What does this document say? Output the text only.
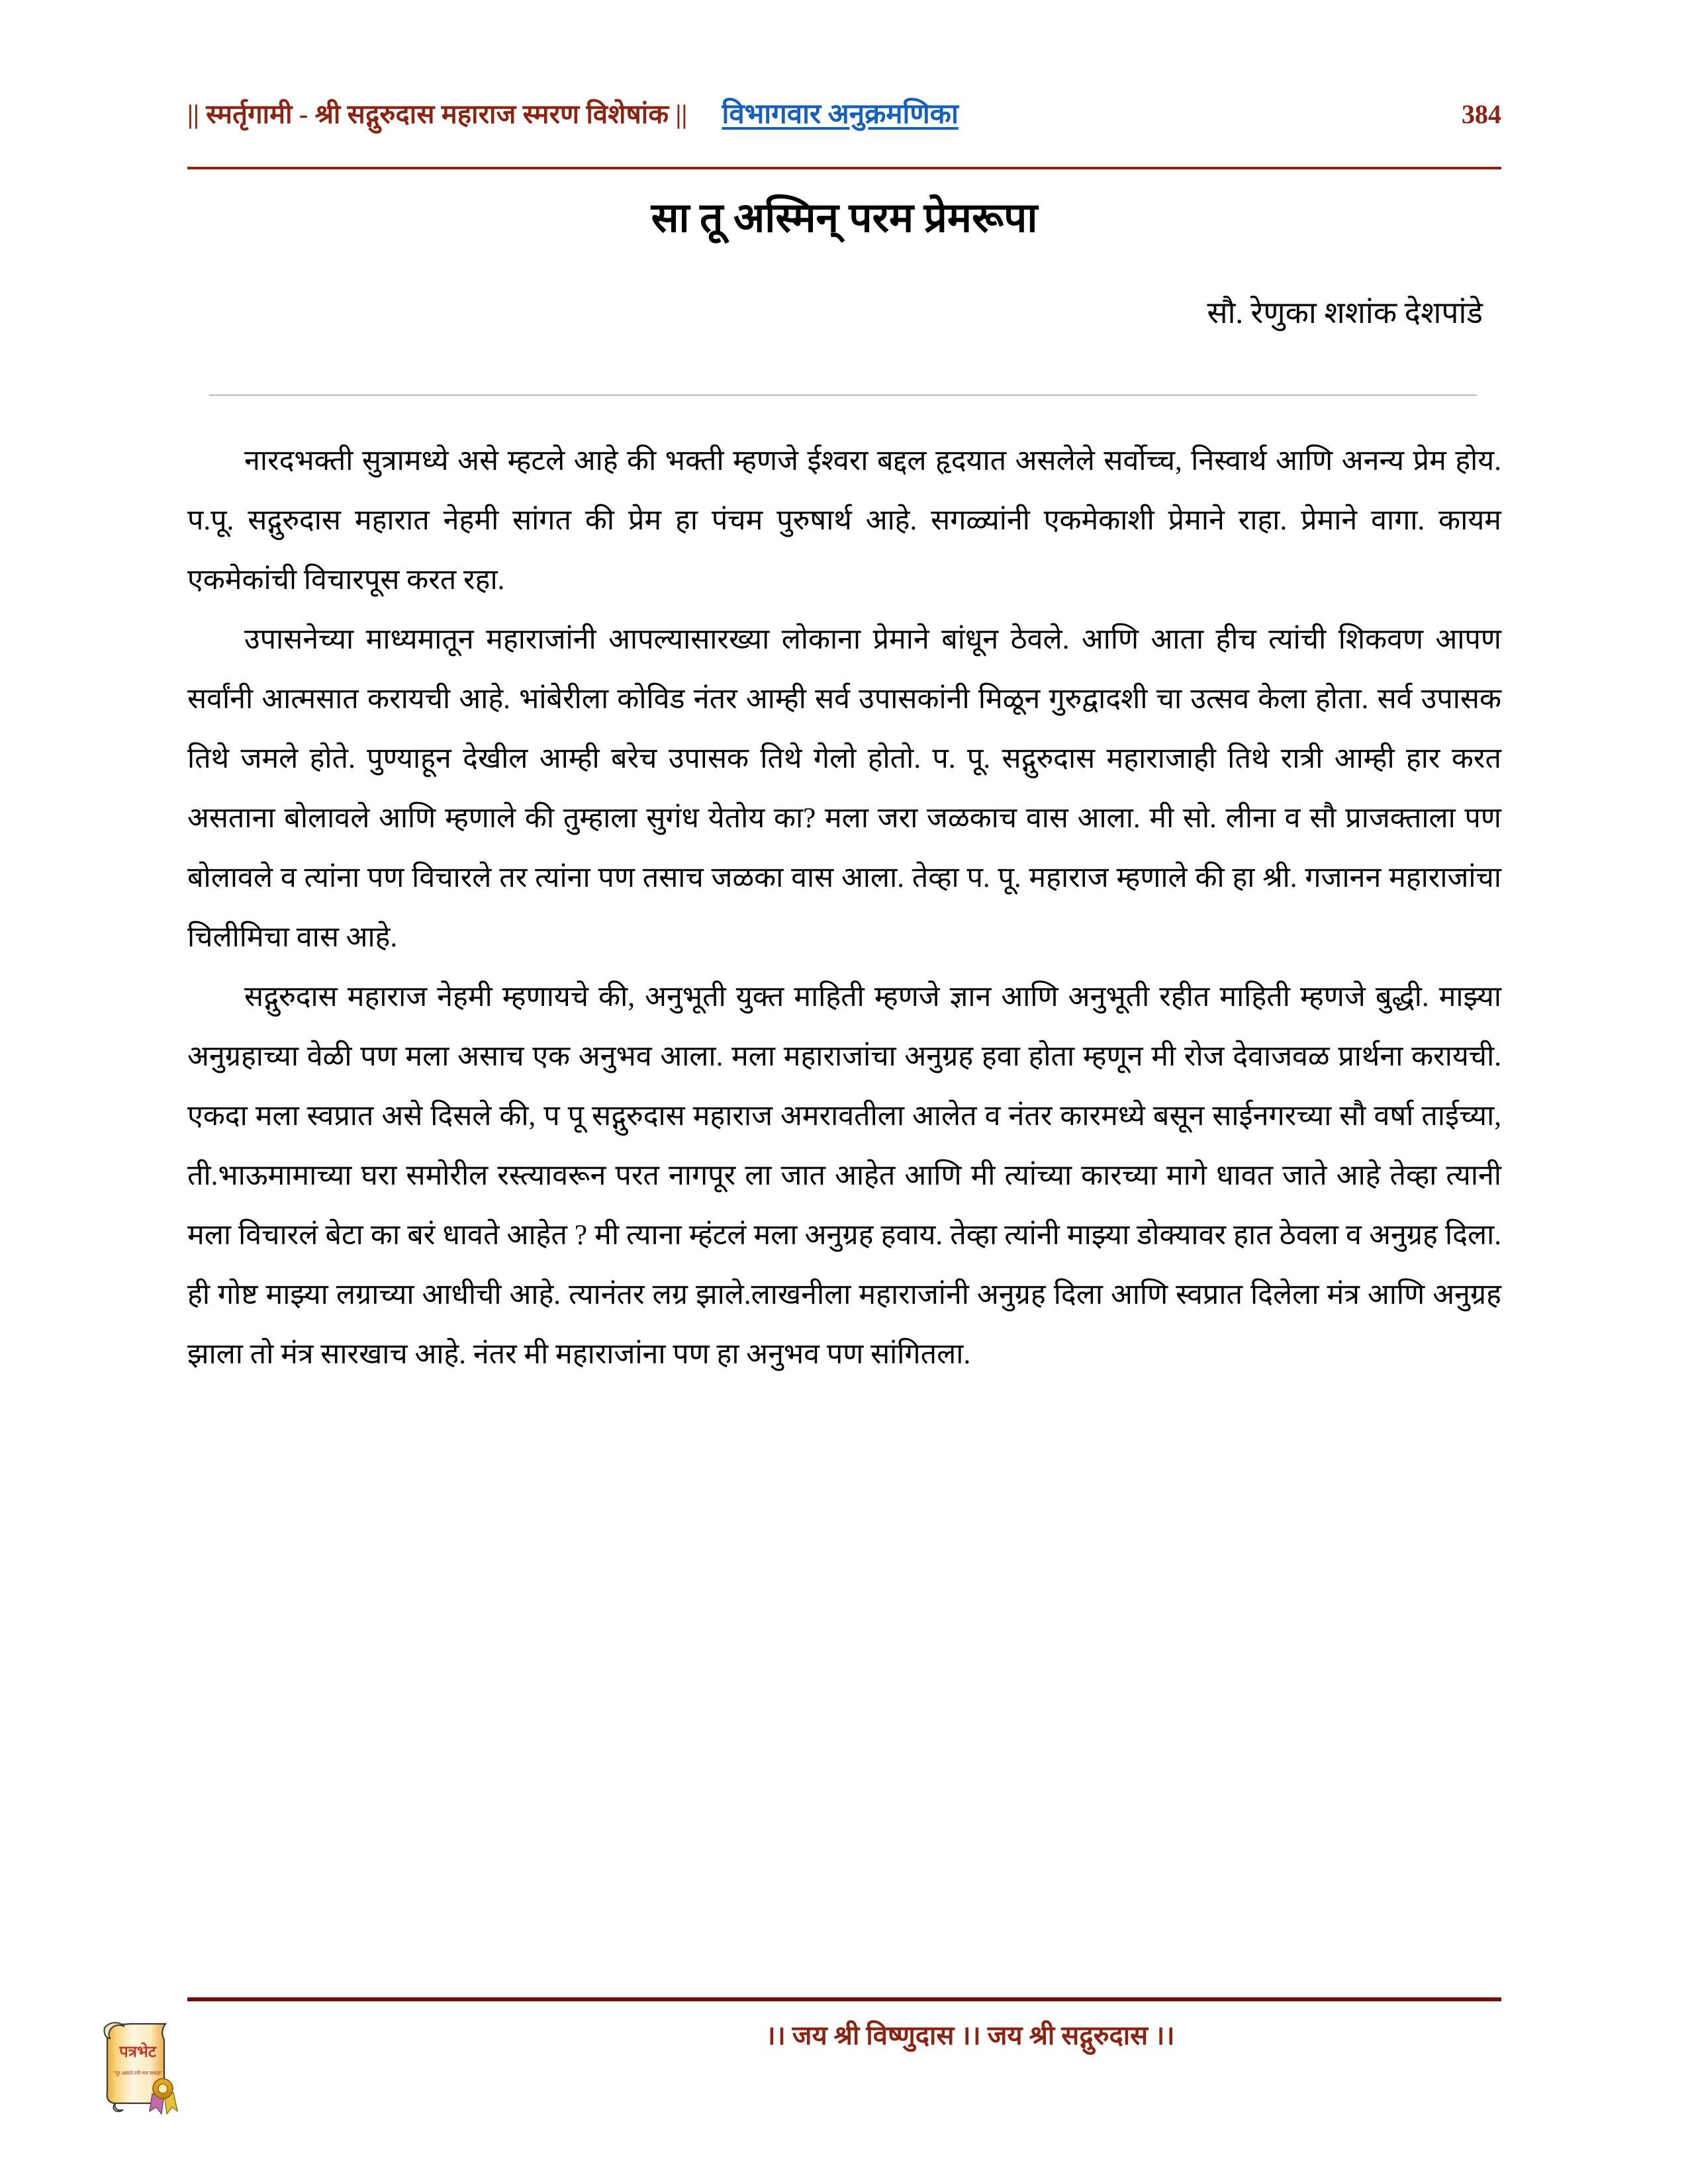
|| स्मर्तृगामी - श्री सद्गुरुदास महाराज स्मरण विशेषांक || विभागवार अनुक्रमणिका	384
सा तू अस्मिन् परम प्रेमरूपा
सौ. रेणुका शशांक देशपांडे

नारदभक्ती सुत्रामध्ये असे म्हटले आहे की भक्ती म्हणजे ईश्वरा बद्दल हृदयात असलेले सर्वोच्च, निस्वार्थ आणि अनन्य प्रेम होय. प.पू. सद्गुरुदास महारात नेहमी सांगत की प्रेम हा पंचम पुरुषार्थ आहे. सगळ्यांनी एकमेकाशी प्रेमाने राहा. प्रेमाने वागा. कायम एकमेकांची विचारपूस करत रहा.

उपासनेच्या माध्यमातून महाराजांनी आपल्यासारख्या लोकाना प्रेमाने बांधून ठेवले. आणि आता हीच त्यांची शिकवण आपण सर्वांनी आत्मसात करायची आहे. भांबेरीला कोविड नंतर आम्ही सर्व उपासकांनी मिळून गुरुद्वादशी चा उत्सव केला होता. सर्व उपासक तिथे जमले होते. पुण्याहून देखील आम्ही बरेच उपासक तिथे गेलो होतो. प. पू. सद्गुरुदास महाराजाही तिथे रात्री आम्ही हार करत असताना बोलावले आणि म्हणाले की तुम्हाला सुगंध येतोय का? मला जरा जळकाच वास आला. मी सो. लीना व सौ प्राजक्ताला पण बोलावले व त्यांना पण विचारले तर त्यांना पण तसाच जळका वास आला. तेव्हा प. पू. महाराज म्हणाले की हा श्री. गजानन महाराजांचा चिलीमिचा वास आहे.

सद्गुरुदास महाराज नेहमी म्हणायचे की, अनुभूती युक्त माहिती म्हणजे ज्ञान आणि अनुभूती रहीत माहिती म्हणजे बुद्धी. माझ्या अनुग्रहाच्या वेळी पण मला असाच एक अनुभव आला. मला महाराजांचा अनुग्रह हवा होता म्हणून मी रोज देवाजवळ प्रार्थना करायची. एकदा मला स्वप्रात असे दिसले की, प पू सद्गुरुदास महाराज अमरावतीला आलेत व नंतर कारमध्ये बसून साईनगरच्या सौ वर्षा ताईच्या, ती.भाऊमामाच्या घरा समोरील रस्त्यावरून परत नागपूर ला जात आहेत आणि मी त्यांच्या कारच्या मागे धावत जाते आहे तेव्हा त्यानी मला विचारलं बेटा का बरं धावते आहेत ? मी त्याना म्हंटलं मला अनुग्रह हवाय. तेव्हा त्यांनी माझ्या डोक्यावर हात ठेवला व अनुग्रह दिला. ही गोष्ट माझ्या लग्राच्या आधीची आहे. त्यानंतर लग्र झाले.लाखनीला महाराजांनी अनुग्रह दिला आणि स्वप्रात दिलेला मंत्र आणि अनुग्रह झाला तो मंत्र सारखाच आहे. नंतर मी महाराजांना पण हा अनुभव पण सांगितला.

।। जय श्री विष्णुदास ।। जय श्री सद्गुरुदास ।।
पत्रभेट
"दूर असले तरी मन जवळ"
